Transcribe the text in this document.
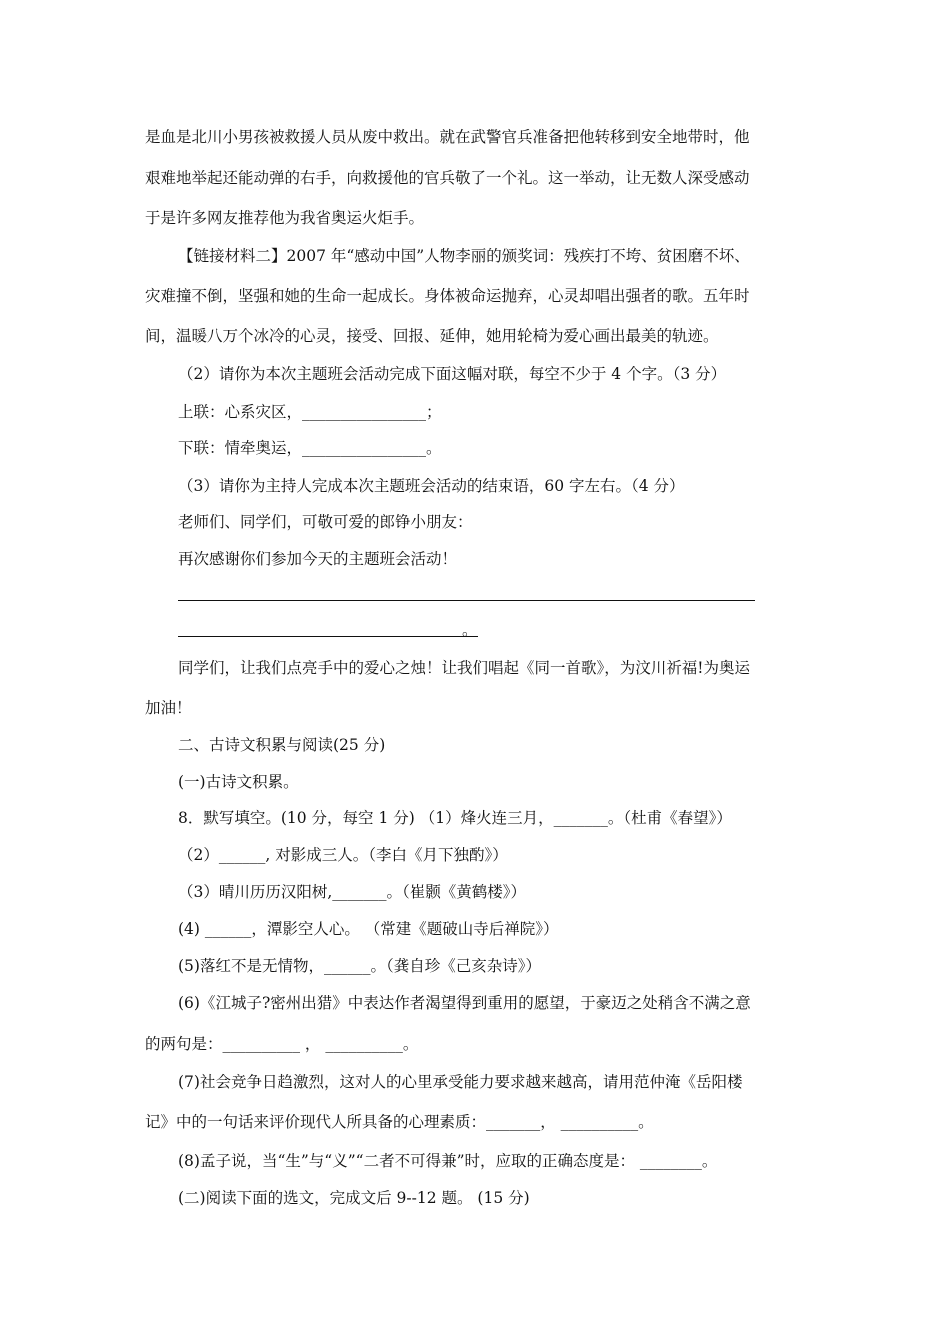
是血是北川小男孩被救援人员从废中救出。就在武警官兵准备把他转移到安全地带时，他
艰难地举起还能动弹的右手，向救援他的官兵敬了一个礼。这一举动，让无数人深受感动
于是许多网友推荐他为我省奥运火炬手。
【链接材料二】2007 年“感动中国”人物李丽的颁奖词：残疾打不垮、贫困磨不坏、
灾难撞不倒，坚强和她的生命一起成长。身体被命运抛弃，心灵却唱出强者的歌。五年时
间，温暖八万个冰冷的心灵，接受、回报、延伸，她用轮椅为爱心画出最美的轨迹。
（2）请你为本次主题班会活动完成下面这幅对联，每空不少于 4 个字。（3 分）
上联：心系灾区，________________；
下联：情牵奥运，________________。
（3）请你为主持人完成本次主题班会活动的结束语，60 字左右。（4 分）
老师们、同学们，可敬可爱的郎铮小朋友：
再次感谢你们参加今天的主题班会活动！
。
同学们，让我们点亮手中的爱心之烛！让我们唱起《同一首歌》，为汶川祈福!为奥运
加油！
二、古诗文积累与阅读(25 分)
(一)古诗文积累。
8．默写填空。(10 分，每空 1 分) （1）烽火连三月，_______。（杜甫《春望》）
（2）______, 对影成三人。（李白《月下独酌》）
（3）晴川历历汉阳树,_______。（崔颢《黄鹤楼》）
(4) ______，潭影空人心。 （常建《题破山寺后禅院》）
(5)落红不是无情物，______。（龚自珍《己亥杂诗》）
(6)《江城子?密州出猎》中表达作者渴望得到重用的愿望，于豪迈之处稍含不满之意
的两句是：__________ ， __________。
(7)社会竞争日趋激烈，这对人的心里承受能力要求越来越高，请用范仲淹《岳阳楼
记》中的一句话来评价现代人所具备的心理素质：_______， __________。
(8)孟子说，当“生”与“义”“二者不可得兼”时，应取的正确态度是： ________。
(二)阅读下面的选文，完成文后 9--12 题。 (15 分)
